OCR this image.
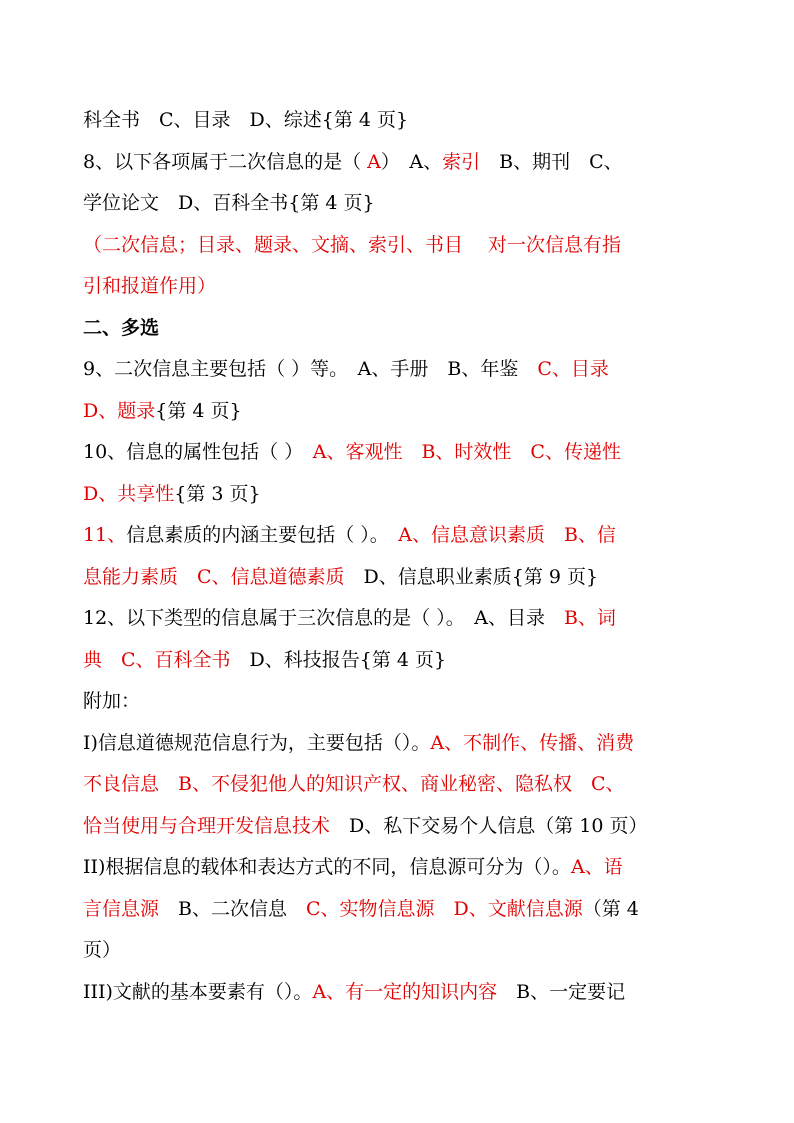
科全书　C、目录　D、综述{第 4 页}
8、以下各项属于二次信息的是（ A）　A、索引　B、期刊　C、
学位论文　D、百科全书{第 4 页}
（二次信息；目录、题录、文摘、索引、书目　 对一次信息有指
引和报道作用）
二、多选
9、二次信息主要包括（ ）等。　A、手册　B、年鉴　C、目录
D、题录{第 4 页}
10、信息的属性包括（ ）　A、客观性　B、时效性　C、传递性
D、共享性{第 3 页}
11、信息素质的内涵主要包括（ ）。　A、信息意识素质　B、信
息能力素质　C、信息道德素质　D、信息职业素质{第 9 页}
12、以下类型的信息属于三次信息的是（ ）。　A、目录　B、词
典　C、百科全书　D、科技报告{第 4 页}
附加：
I)信息道德规范信息行为，主要包括（）。A、不制作、传播、消费
不良信息　B、不侵犯他人的知识产权、商业秘密、隐私权　C、
恰当使用与合理开发信息技术　D、私下交易个人信息（第 10 页）
II)根据信息的载体和表达方式的不同，信息源可分为（）。A、语
言信息源　B、二次信息　C、实物信息源　D、文献信息源（第 4
页）
III)文献的基本要素有（）。A、有一定的知识内容　B、一定要记
